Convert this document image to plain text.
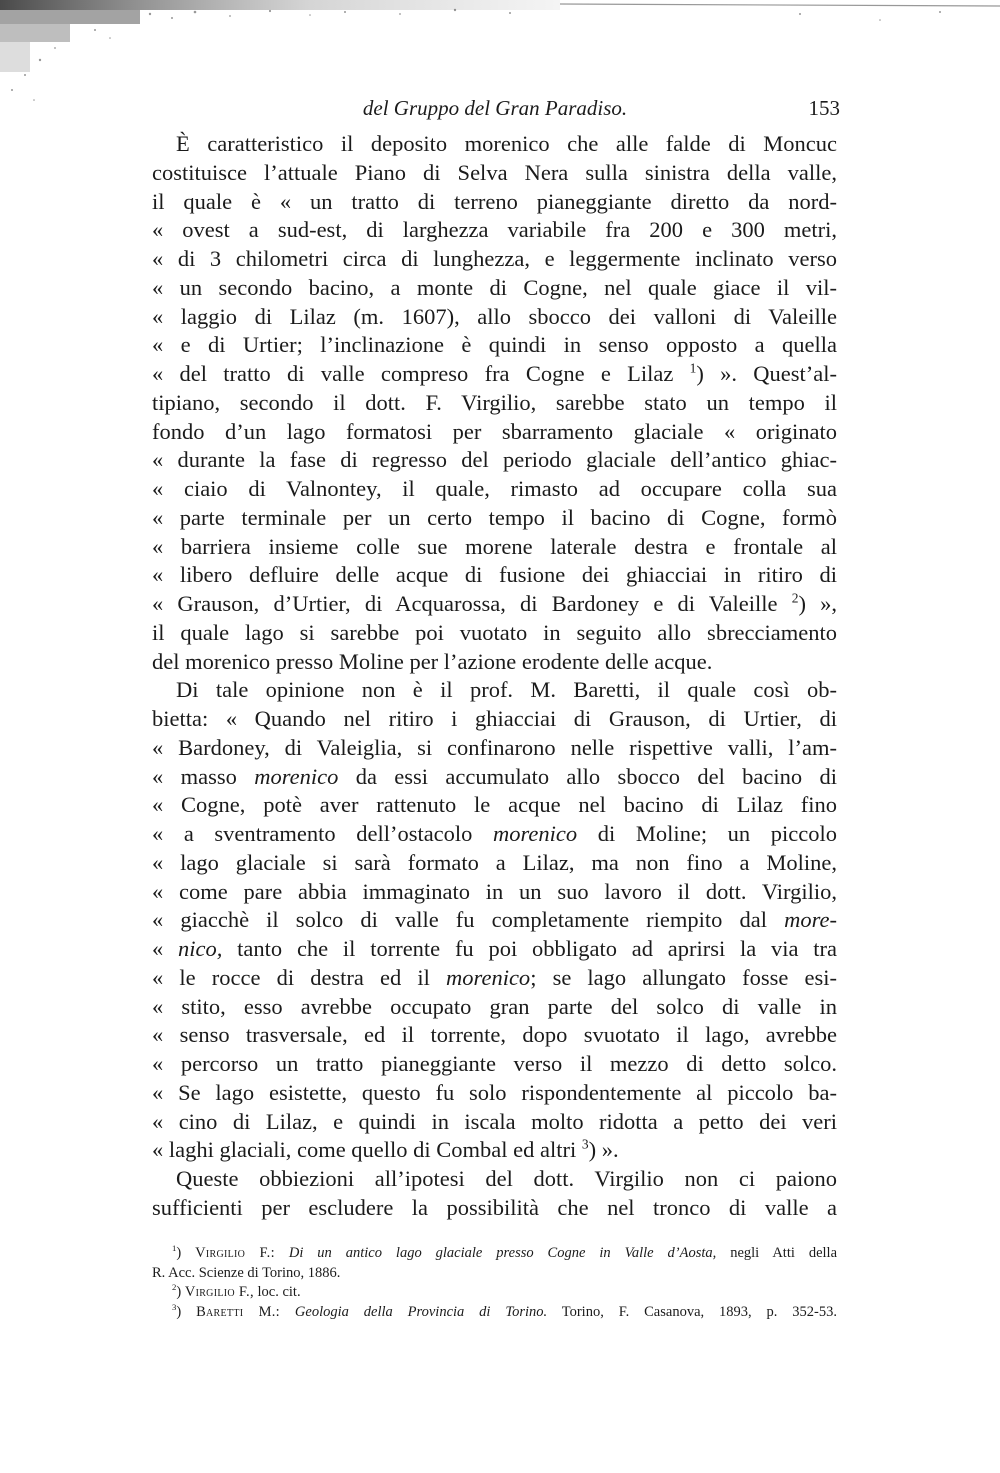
del Gruppo del Gran Paradiso.	153
È caratteristico il deposito morenico che alle falde di Moncuc
costituisce l’attuale Piano di Selva Nera sulla sinistra della valle,
il quale è « un tratto di terreno pianeggiante diretto da nord-
« ovest a sud-est, di larghezza variabile fra 200 e 300 metri,
« di 3 chilometri circa di lunghezza, e leggermente inclinato verso
« un secondo bacino, a monte di Cogne, nel quale giace il vil-
« laggio di Lilaz (m. 1607), allo sbocco dei valloni di Valeille
« e di Urtier; l’inclinazione è quindi in senso opposto a quella
« del tratto di valle compreso fra Cogne e Lilaz $^1$) ». Quest’al-
tipiano, secondo il dott. F. Virgilio, sarebbe stato un tempo il
fondo d’un lago formatosi per sbarramento glaciale « originato
« durante la fase di regresso del periodo glaciale dell’antico ghiac-
« ciaio di Valnontey, il quale, rimasto ad occupare colla sua
« parte terminale per un certo tempo il bacino di Cogne, formò
« barriera insieme colle sue morene laterale destra e frontale al
« libero defluire delle acque di fusione dei ghiacciai in ritiro di
« Grauson, d’Urtier, di Acquarossa, di Bardoney e di Valeille $^2$) »,
il quale lago si sarebbe poi vuotato in seguito allo sbrecciamento
del morenico presso Moline per l’azione erodente delle acque.
Di tale opinione non è il prof. M. Baretti, il quale così ob-
bietta: « Quando nel ritiro i ghiacciai di Grauson, di Urtier, di
« Bardoney, di Valeiglia, si confinarono nelle rispettive valli, l’am-
« masso morenico da essi accumulato allo sbocco del bacino di
« Cogne, potè aver rattenuto le acque nel bacino di Lilaz fino
« a sventramento dell’ostacolo morenico di Moline; un piccolo
« lago glaciale si sarà formato a Lilaz, ma non fino a Moline,
« come pare abbia immaginato in un suo lavoro il dott. Virgilio,
« giacchè il solco di valle fu completamente riempito dal more-
« nico, tanto che il torrente fu poi obbligato ad aprirsi la via tra
« le rocce di destra ed il morenico; se lago allungato fosse esi-
« stito, esso avrebbe occupato gran parte del solco di valle in
« senso trasversale, ed il torrente, dopo svuotato il lago, avrebbe
« percorso un tratto pianeggiante verso il mezzo di detto solco.
« Se lago esistette, questo fu solo rispondentemente al piccolo ba-
« cino di Lilaz, e quindi in iscala molto ridotta a petto dei veri
« laghi glaciali, come quello di Combal ed altri $^3$) ».
Queste obbiezioni all’ipotesi del dott. Virgilio non ci paiono
sufficienti per escludere la possibilità che nel tronco di valle a
$^1$) Virgilio F.: Di un antico lago glaciale presso Cogne in Valle d’Aosta, negli Atti della
R. Acc. Scienze di Torino, 1886.
$^2$) Virgilio F., loc. cit.
$^3$) Baretti M.: Geologia della Provincia di Torino. Torino, F. Casanova, 1893, p. 352-53.
